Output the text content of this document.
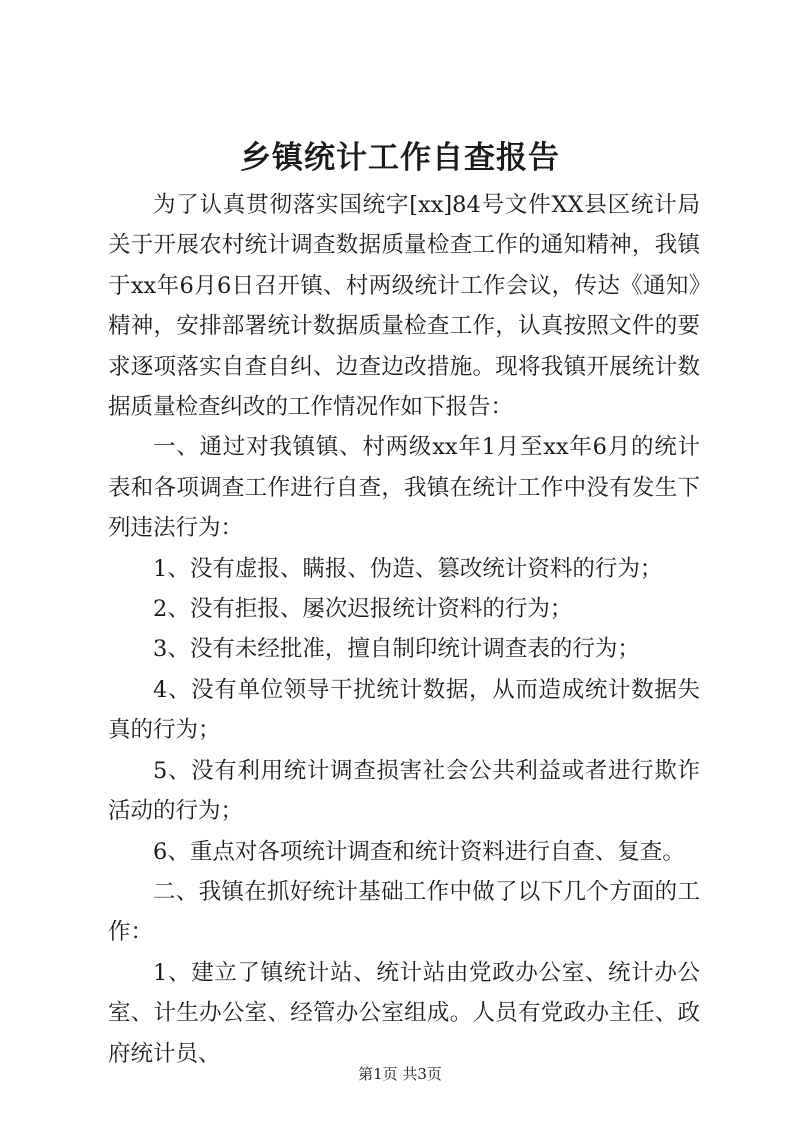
乡镇统计工作自查报告

为了认真贯彻落实国统字[xx]84号文件XX县区统计局关于开展农村统计调查数据质量检查工作的通知精神，我镇于xx年6月6日召开镇、村两级统计工作会议，传达《通知》精神，安排部署统计数据质量检查工作，认真按照文件的要求逐项落实自查自纠、边查边改措施。现将我镇开展统计数据质量检查纠改的工作情况作如下报告：

一、通过对我镇镇、村两级xx年1月至xx年6月的统计表和各项调查工作进行自查，我镇在统计工作中没有发生下列违法行为：

1、没有虚报、瞒报、伪造、篡改统计资料的行为；

2、没有拒报、屡次迟报统计资料的行为；

3、没有未经批准，擅自制印统计调查表的行为；

4、没有单位领导干扰统计数据，从而造成统计数据失真的行为；

5、没有利用统计调查损害社会公共利益或者进行欺诈活动的行为；

6、重点对各项统计调查和统计资料进行自查、复查。

二、我镇在抓好统计基础工作中做了以下几个方面的工作：

1、建立了镇统计站、统计站由党政办公室、统计办公室、计生办公室、经管办公室组成。人员有党政办主任、政府统计员、

第1页 共3页
